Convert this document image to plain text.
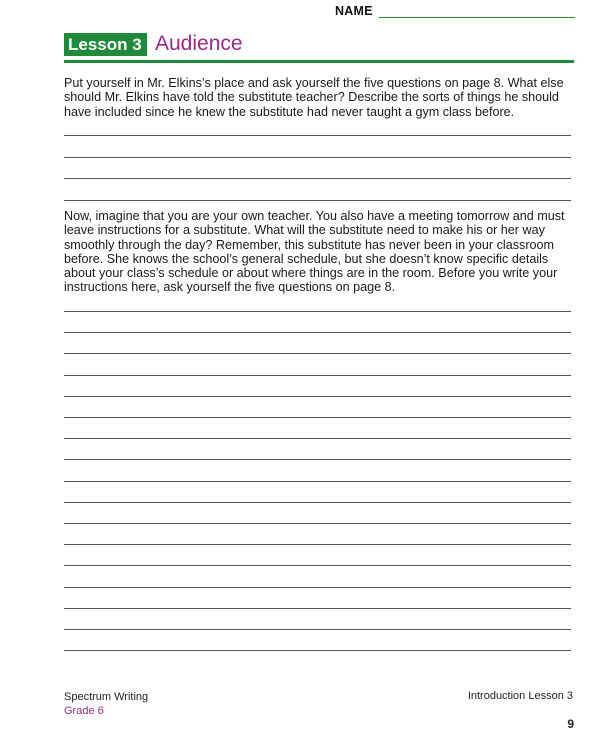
NAME
Lesson 3 Audience

Put yourself in Mr. Elkins’s place and ask yourself the five questions on page 8. What else should Mr. Elkins have told the substitute teacher? Describe the sorts of things he should have included since he knew the substitute had never taught a gym class before.

Now, imagine that you are your own teacher. You also have a meeting tomorrow and must leave instructions for a substitute. What will the substitute need to make his or her way smoothly through the day? Remember, this substitute has never been in your classroom before. She knows the school’s general schedule, but she doesn’t know specific details about your class’s schedule or about where things are in the room. Before you write your instructions here, ask yourself the five questions on page 8.

Spectrum Writing
Grade 6
Introduction Lesson 3
9
